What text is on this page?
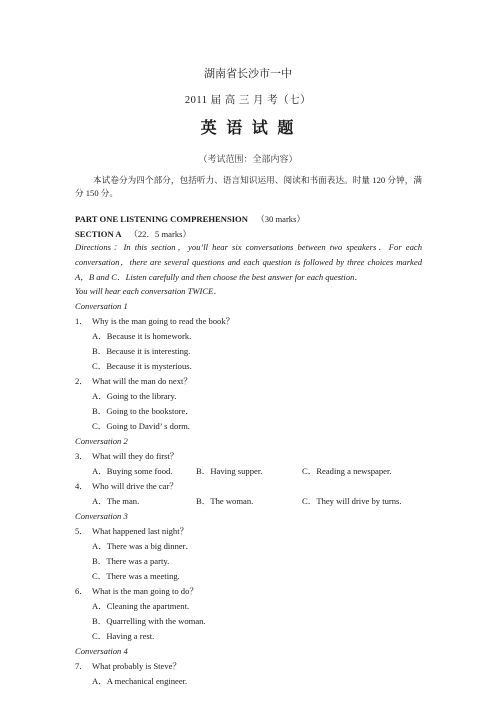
湖南省长沙市一中
2011 届 高 三 月 考（七）
英 语 试 题
（考试范围：全部内容）
本试卷分为四个部分，包括听力、语言知识运用、阅读和书面表达。时量 120 分钟，满分 150 分。
PART ONE LISTENING COMPREHENSION （30 marks）
SECTION A （22．5 marks）
Directions：In this section，you’ll hear six conversations between two speakers．For each conversation，there are several questions and each question is followed by three choices marked A，B and C．Listen carefully and then choose the best answer for each question．
You will hear each conversation TWICE．
Conversation 1
1． Why is the man going to read the book？
A．Because it is homework.
B．Because it is interesting.
C．Because it is mysterious.
2． What will the man do next？
A．Going to the library.
B．Going to the bookstore．
C．Going to David’ s dorm.
Conversation 2
3． What will they do first？
A．Buying some food.	B．Having supper.	C．Reading a newspaper.
4． Who will drive the car？
A．The man.	B．The woman.	C．They will drive by turns.
Conversation 3
5． What happened last night？
A．There was a big dinner．
B．There was a party.
C．There was a meeting.
6． What is the man going to do？
A．Cleaning the apartment.
B．Quarrelling with the woman.
C．Having a rest.
Conversation 4
7． What probably is Steve？
A．A mechanical engineer.
